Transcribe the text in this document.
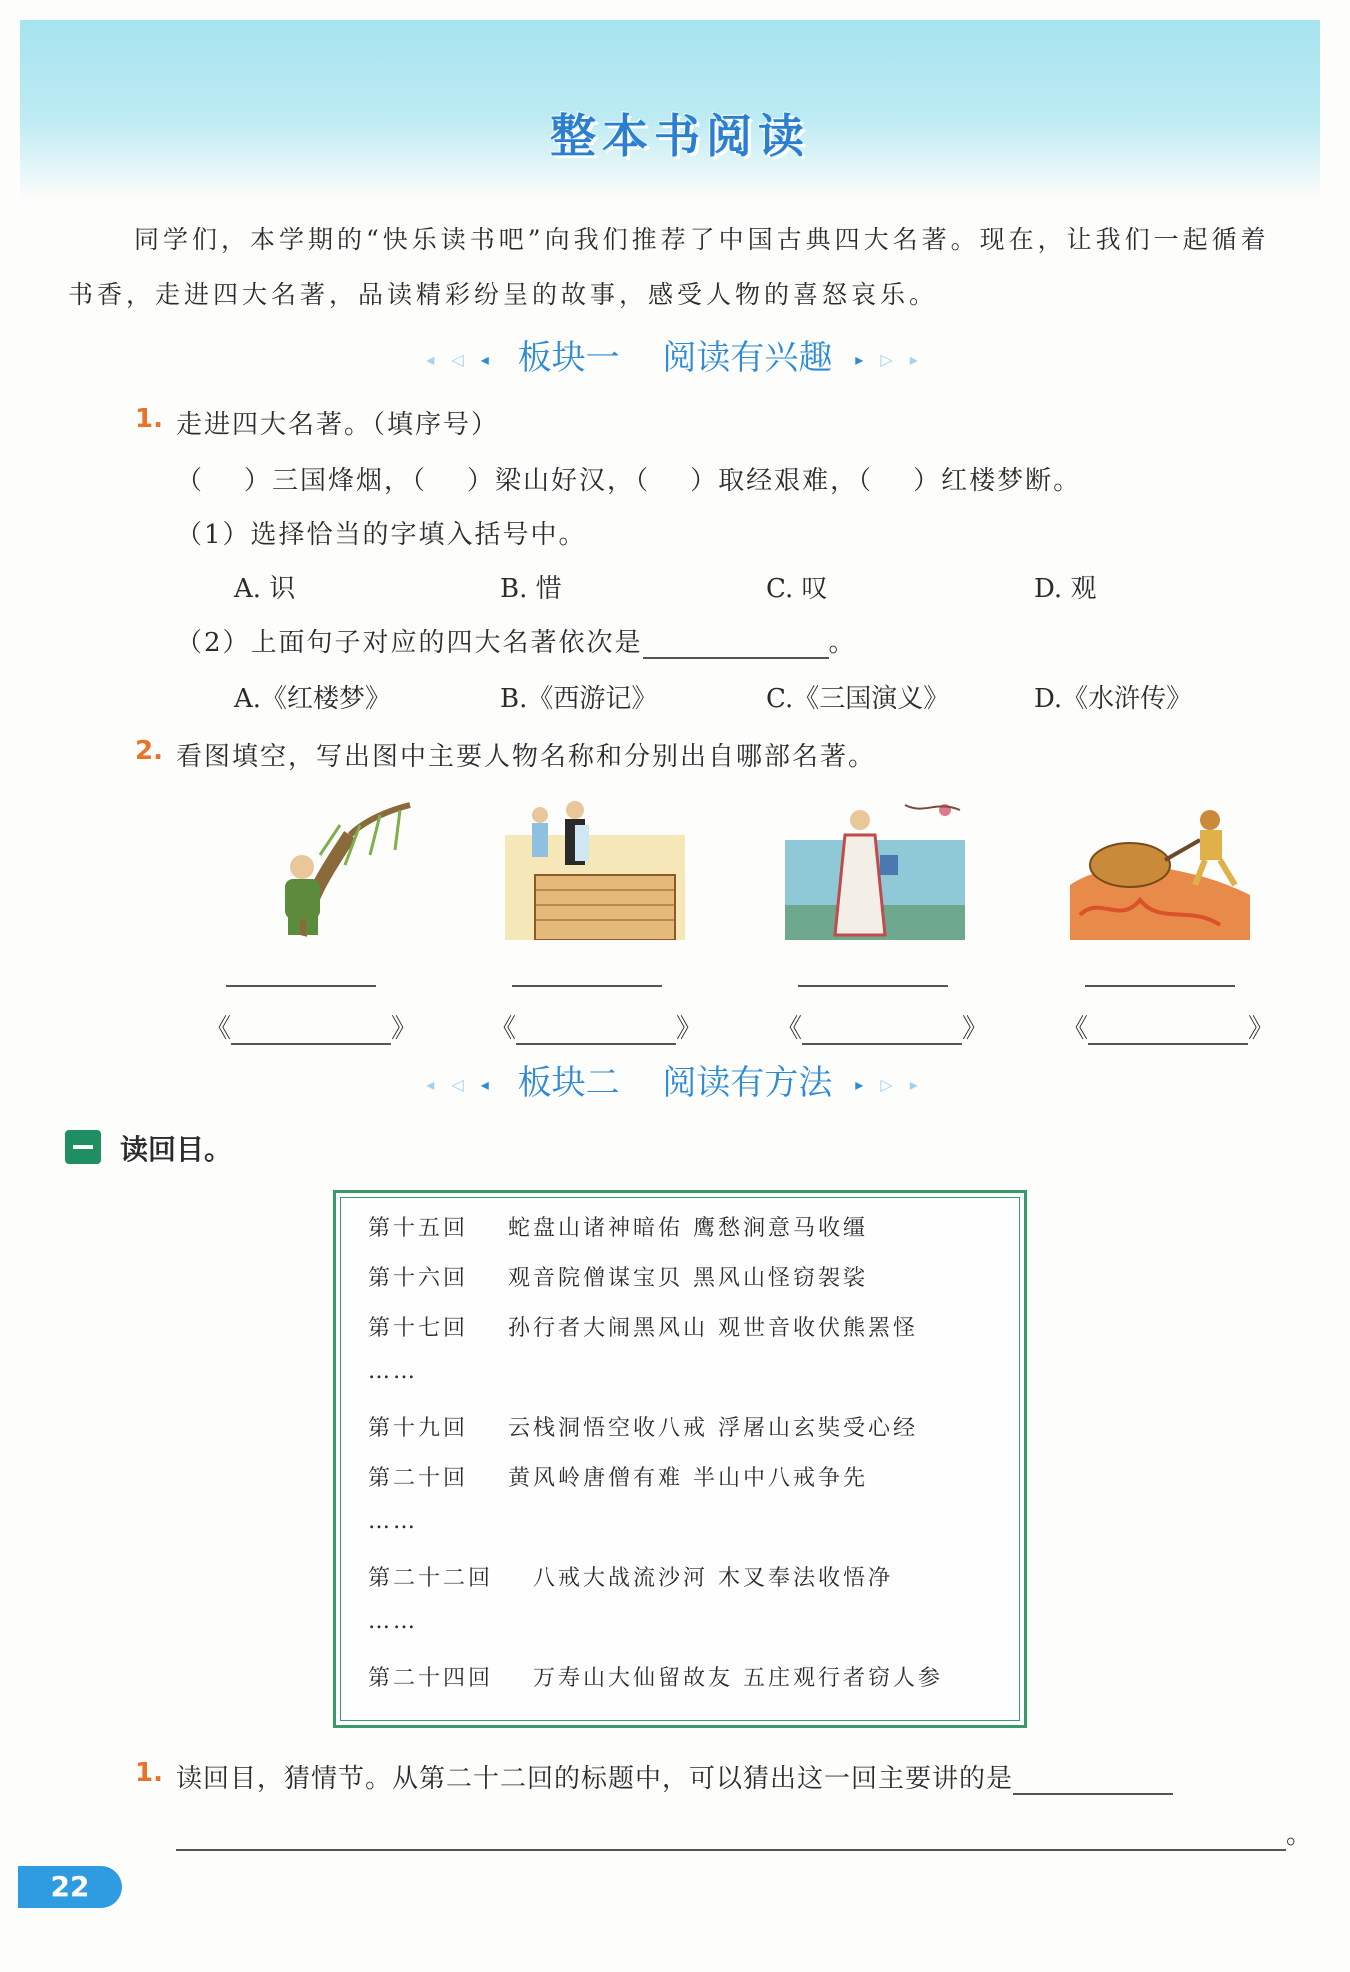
整本书阅读

同学们，本学期的“快乐读书吧”向我们推荐了中国古典四大名著。现在，让我们一起循着书香，走进四大名著，品读精彩纷呈的故事，感受人物的喜怒哀乐。

◂ ◁ ◂ 板块一 阅读有兴趣 ▸ ▷ ▸
1. 走进四大名著。（填序号）
（ ）三国烽烟，（ ）梁山好汉，（ ）取经艰难，（ ）红楼梦断。
（1）选择恰当的字填入括号中。
A. 识	B. 惜	C. 叹	D. 观
（2）上面句子对应的四大名著依次是	。
A.《红楼梦》	B.《西游记》	C.《三国演义》	D.《水浒传》
2. 看图填空，写出图中主要人物名称和分别出自哪部名著。
《	》	《	》	《	》	《	》
◂ ◁ ◂ 板块二 阅读有方法 ▸ ▷ ▸
读回目。
第十五回 蛇盘山诸神暗佑 鹰愁涧意马收缰
第十六回 观音院僧谋宝贝 黑风山怪窃袈裟
第十七回 孙行者大闹黑风山 观世音收伏熊罴怪
……
第十九回 云栈洞悟空收八戒 浮屠山玄奘受心经
第二十回 黄风岭唐僧有难 半山中八戒争先
……
第二十二回 八戒大战流沙河 木叉奉法收悟净
……
第二十四回 万寿山大仙留故友 五庄观行者窃人参
1. 读回目，猜情节。从第二十二回的标题中，可以猜出这一回主要讲的是
。
22
